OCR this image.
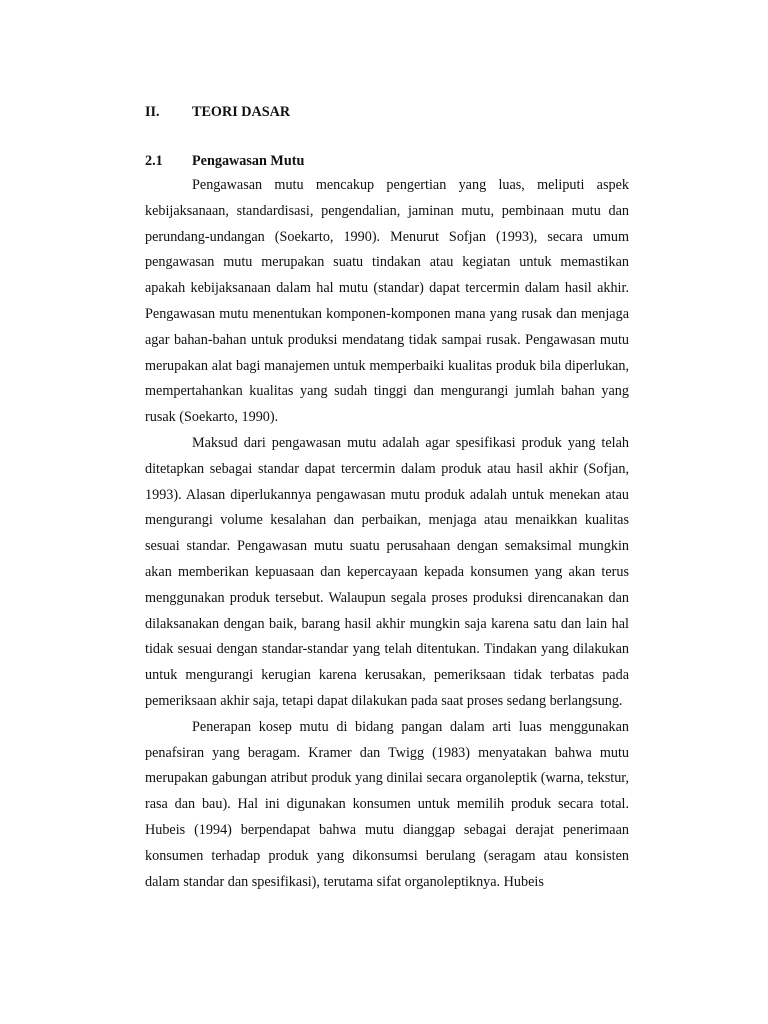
II. TEORI DASAR
2.1 Pengawasan Mutu

Pengawasan mutu mencakup pengertian yang luas, meliputi aspek kebijaksanaan, standardisasi, pengendalian, jaminan mutu, pembinaan mutu dan perundang-undangan (Soekarto, 1990). Menurut Sofjan (1993), secara umum pengawasan mutu merupakan suatu tindakan atau kegiatan untuk memastikan apakah kebijaksanaan dalam hal mutu (standar) dapat tercermin dalam hasil akhir. Pengawasan mutu menentukan komponen-komponen mana yang rusak dan menjaga agar bahan-bahan untuk produksi mendatang tidak sampai rusak. Pengawasan mutu merupakan alat bagi manajemen untuk memperbaiki kualitas produk bila diperlukan, mempertahankan kualitas yang sudah tinggi dan mengurangi jumlah bahan yang rusak (Soekarto, 1990).

Maksud dari pengawasan mutu adalah agar spesifikasi produk yang telah ditetapkan sebagai standar dapat tercermin dalam produk atau hasil akhir (Sofjan, 1993). Alasan diperlukannya pengawasan mutu produk adalah untuk menekan atau mengurangi volume kesalahan dan perbaikan, menjaga atau menaikkan kualitas sesuai standar. Pengawasan mutu suatu perusahaan dengan semaksimal mungkin akan memberikan kepuasaan dan kepercayaan kepada konsumen yang akan terus menggunakan produk tersebut. Walaupun segala proses produksi direncanakan dan dilaksanakan dengan baik, barang hasil akhir mungkin saja karena satu dan lain hal tidak sesuai dengan standar-standar yang telah ditentukan. Tindakan yang dilakukan untuk mengurangi kerugian karena kerusakan, pemeriksaan tidak terbatas pada pemeriksaan akhir saja, tetapi dapat dilakukan pada saat proses sedang berlangsung.

Penerapan kosep mutu di bidang pangan dalam arti luas menggunakan penafsiran yang beragam. Kramer dan Twigg (1983) menyatakan bahwa mutu merupakan gabungan atribut produk yang dinilai secara organoleptik (warna, tekstur, rasa dan bau). Hal ini digunakan konsumen untuk memilih produk secara total. Hubeis (1994) berpendapat bahwa mutu dianggap sebagai derajat penerimaan konsumen terhadap produk yang dikonsumsi berulang (seragam atau konsisten dalam standar dan spesifikasi), terutama sifat organoleptiknya. Hubeis
